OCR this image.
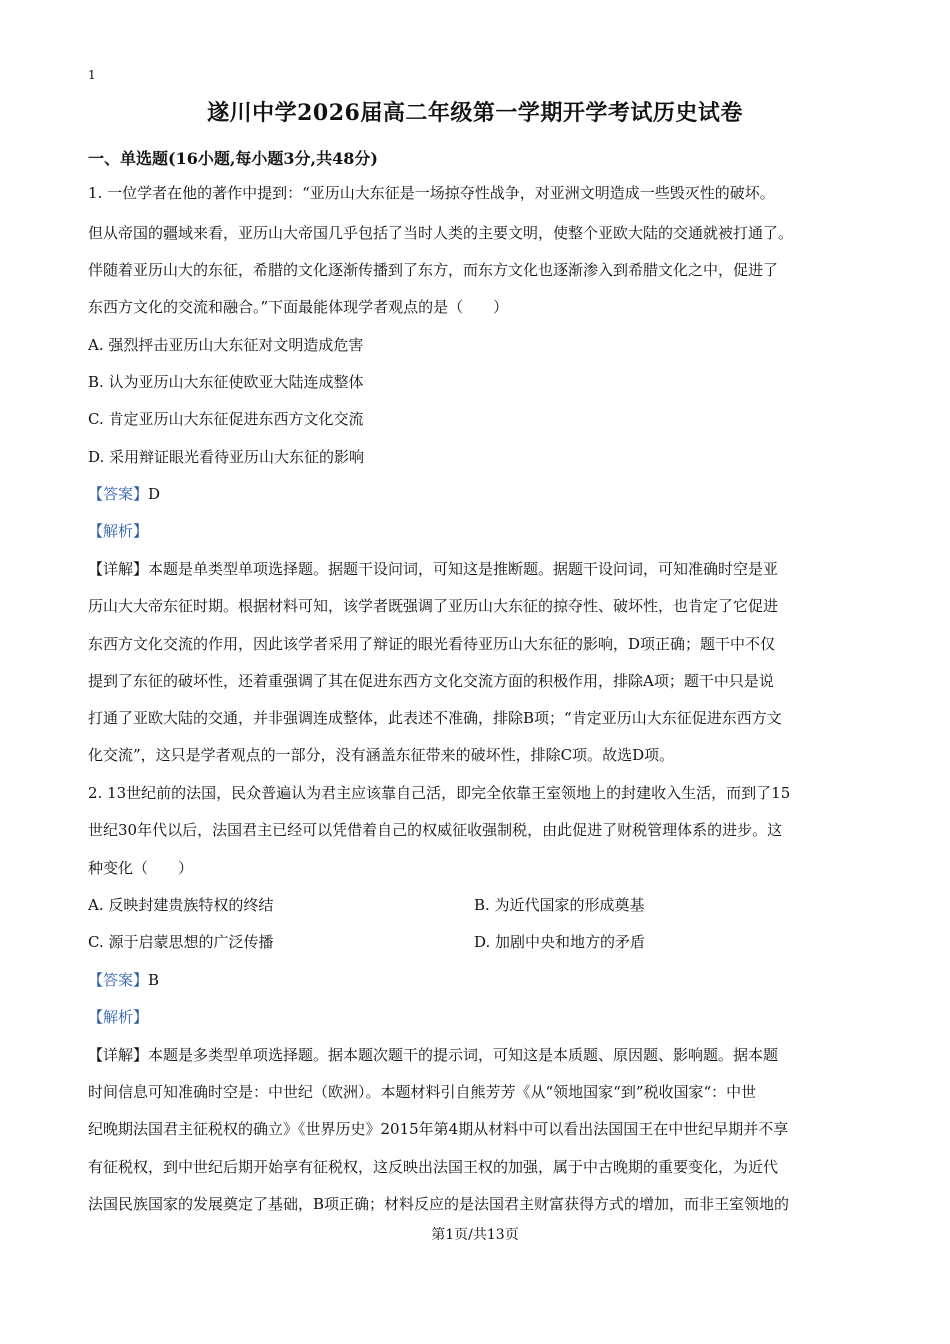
1
遂川中学2026届高二年级第一学期开学考试历史试卷
一、单选题(16小题,每小题3分,共48分)
1. 一位学者在他的著作中提到：“亚历山大东征是一场掠夺性战争，对亚洲文明造成一些毁灭性的破坏。
但从帝国的疆域来看，亚历山大帝国几乎包括了当时人类的主要文明，使整个亚欧大陆的交通就被打通了。
伴随着亚历山大的东征，希腊的文化逐渐传播到了东方，而东方文化也逐渐渗入到希腊文化之中，促进了
东西方文化的交流和融合。”下面最能体现学者观点的是（　　）
A. 强烈抨击亚历山大东征对文明造成危害
B. 认为亚历山大东征使欧亚大陆连成整体
C. 肯定亚历山大东征促进东西方文化交流
D. 采用辩证眼光看待亚历山大东征的影响
【答案】D
【解析】
【详解】本题是单类型单项选择题。据题干设问词，可知这是推断题。据题干设问词，可知准确时空是亚
历山大大帝东征时期。根据材料可知，该学者既强调了亚历山大东征的掠夺性、破坏性，也肯定了它促进
东西方文化交流的作用，因此该学者采用了辩证的眼光看待亚历山大东征的影响，D项正确；题干中不仅
提到了东征的破坏性，还着重强调了其在促进东西方文化交流方面的积极作用，排除A项；题干中只是说
打通了亚欧大陆的交通，并非强调连成整体，此表述不准确，排除B项；“肯定亚历山大东征促进东西方文
化交流”，这只是学者观点的一部分，没有涵盖东征带来的破坏性，排除C项。故选D项。
2. 13世纪前的法国，民众普遍认为君主应该靠自己活，即完全依靠王室领地上的封建收入生活，而到了15
世纪30年代以后，法国君主已经可以凭借着自己的权威征收强制税，由此促进了财税管理体系的进步。这
种变化（　　）
A. 反映封建贵族特权的终结	B. 为近代国家的形成奠基
C. 源于启蒙思想的广泛传播	D. 加剧中央和地方的矛盾
【答案】B
【解析】
【详解】本题是多类型单项选择题。据本题次题干的提示词，可知这是本质题、原因题、影响题。据本题
时间信息可知准确时空是：中世纪（欧洲）。本题材料引自熊芳芳《从“领地国家“到”税收国家“：中世
纪晚期法国君主征税权的确立》《世界历史》2015年第4期从材料中可以看出法国国王在中世纪早期并不享
有征税权，到中世纪后期开始享有征税权，这反映出法国王权的加强，属于中古晚期的重要变化，为近代
法国民族国家的发展奠定了基础，B项正确；材料反应的是法国君主财富获得方式的增加，而非王室领地的
第1页/共13页
